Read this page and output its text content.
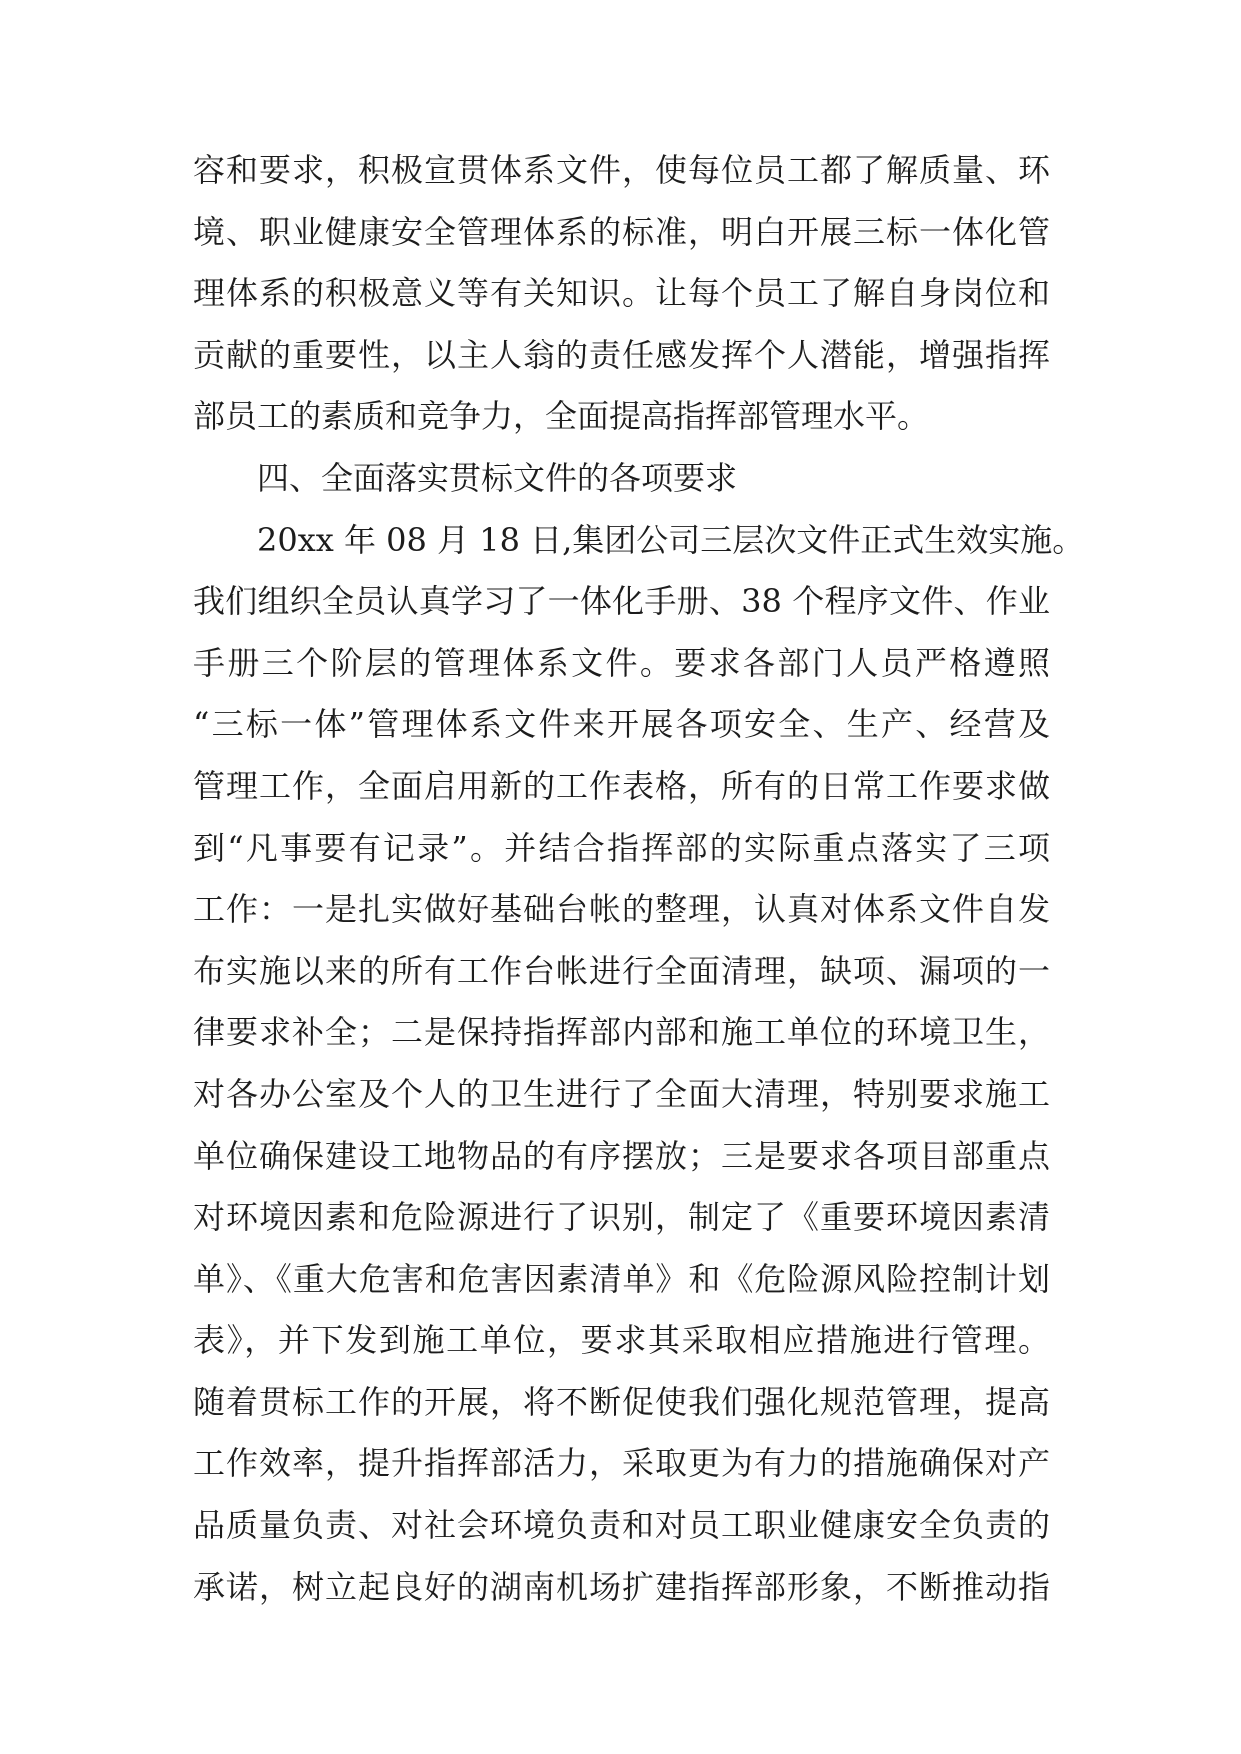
容和要求，积极宣贯体系文件，使每位员工都了解质量、环
境、职业健康安全管理体系的标准，明白开展三标一体化管
理体系的积极意义等有关知识。让每个员工了解自身岗位和
贡献的重要性，以主人翁的责任感发挥个人潜能，增强指挥
部员工的素质和竞争力，全面提高指挥部管理水平。
四、全面落实贯标文件的各项要求
20xx 年 08 月 18 日,集团公司三层次文件正式生效实施。
我们组织全员认真学习了一体化手册、38 个程序文件、作业
手册三个阶层的管理体系文件。要求各部门人员严格遵照
“三标一体”管理体系文件来开展各项安全、生产、经营及
管理工作，全面启用新的工作表格，所有的日常工作要求做
到“凡事要有记录”。并结合指挥部的实际重点落实了三项
工作：一是扎实做好基础台帐的整理，认真对体系文件自发
布实施以来的所有工作台帐进行全面清理，缺项、漏项的一
律要求补全；二是保持指挥部内部和施工单位的环境卫生，
对各办公室及个人的卫生进行了全面大清理，特别要求施工
单位确保建设工地物品的有序摆放；三是要求各项目部重点
对环境因素和危险源进行了识别，制定了《重要环境因素清
单》、《重大危害和危害因素清单》和《危险源风险控制计划
表》，并下发到施工单位，要求其采取相应措施进行管理。
随着贯标工作的开展，将不断促使我们强化规范管理，提高
工作效率，提升指挥部活力，采取更为有力的措施确保对产
品质量负责、对社会环境负责和对员工职业健康安全负责的
承诺，树立起良好的湖南机场扩建指挥部形象，不断推动指
